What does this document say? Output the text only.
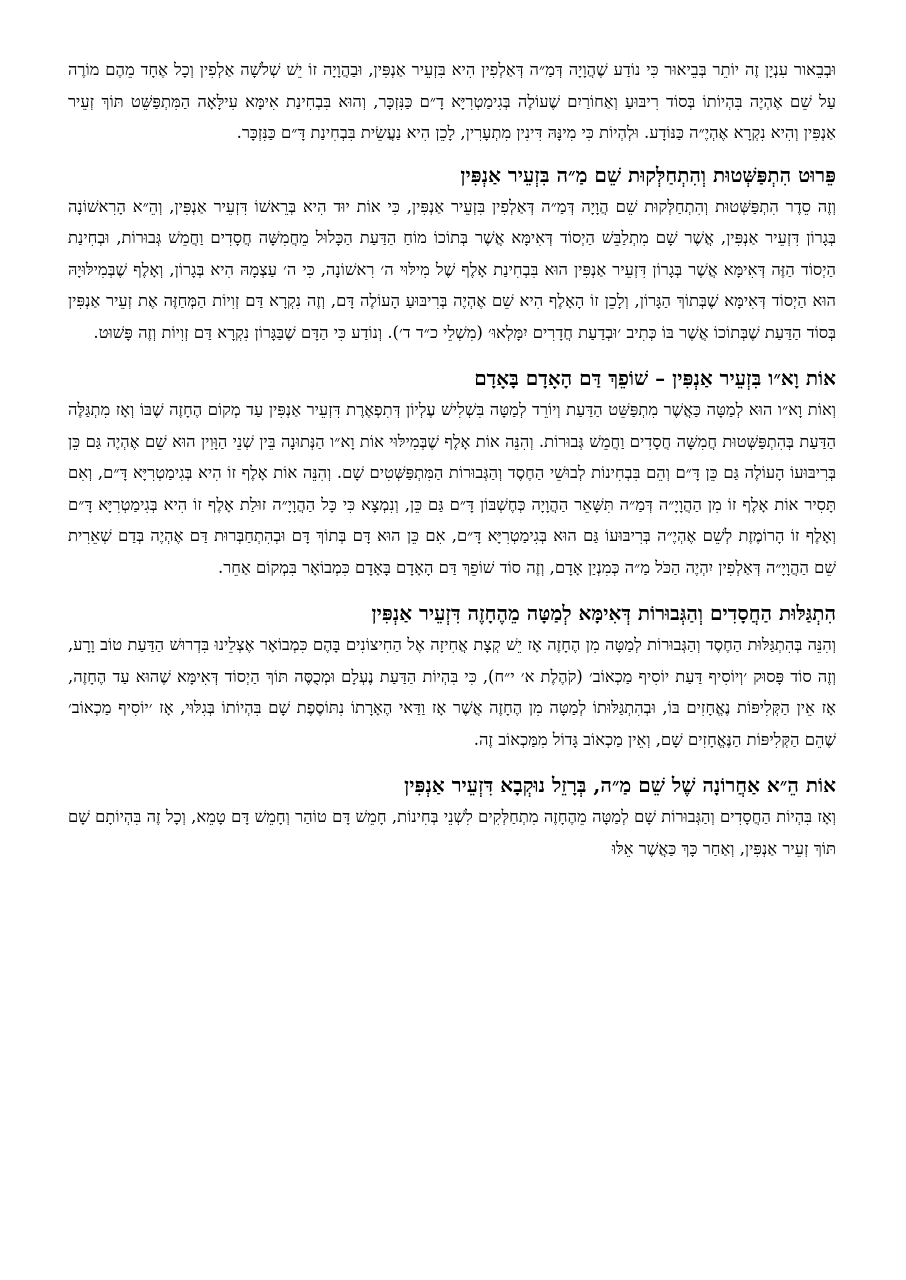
וּבְבֵאור עִנְיָן זֶה יוֹתֵר בְּבֵיאוּר כִּי נוֹדַע שֶׁהֲוָיָה דְּמַ״ה דְּאַלְפִין הִיא בִּזְעֵיר אַנְפִּין, וּבַהֲוָיָה זוֹ יֵשׁ שְׁלֹשָׁה אַלְפִין וְכָל אֶחָד מֵהֶם מוֹרֶה עַל שֵׁם אֶהְיֶה בִּהְיוֹתוֹ בְּסוֹד רִיבּוּעַ וְאַחוֹרַיִם שֶׁעוֹלֶה בְּגִימַטְרִיָּא דָ״ם כַּנִּזְכָּר, וְהוּא בִּבְחִינַת אִימָּא עִילָּאָה הַמִּתְפַּשֵּׁט תּוֹךְ זְעֵיר אַנְפִּין וְהִיא נִקְרָא אֶהְיֶ״ה כַּנּוֹדָע. וּלְהְיוֹת כִּי מִינָּהּ דִּינִין מִתְעָרִין, לָכֵן הִיא נַעֲשֵׂית בִּבְחִינַת דָּ״ם כַּנִּזְכָּר.

פֵּרוּט הִתְפַּשְּׁטוּת וְהִתְחַלְּקוּת שֵׁם מַ״ה בִּזְעֵיר אַנְפִּין

וְזֶה סֵדֶר הִתְפַּשְּׁטוּת וְהִתְחַלְּקוּת שֵׁם הֲוָיָה דְּמַ״ה דְּאַלְפִין בִּזְעֵיר אַנְפִּין, כִּי אוֹת יוּד הִיא בְּרֵאשׁוֹ דִּזְעֵיר אַנְפִּין, וְהֵ״א הָרִאשׁוֹנָה בְּגָרוֹן דִּזְעֵיר אַנְפִּין, אֲשֶׁר שָׁם מִתְלַבֵּשׁ הַיְסוֹד דְּאִימָּא אֲשֶׁר בְּתוֹכוֹ מוֹחַ הַדַּעַת הַכָּלוּל מֵחֲמִשָּׁה חֲסָדִים וַחֲמֵשׁ גְּבוּרוֹת, וּבְחִינַת הַיְסוֹד הַזֶּה דְּאִימָּא אֲשֶׁר בְּגָרוֹן דִּזְעֵיר אַנְפִּין הוּא בִּבְחִינַת אָלֶף שֶׁל מִילּוּי ה׳ רִאשׁוֹנָה, כִּי ה׳ עַצְמָהּ הִיא בְּגָרוֹן, וְאָלֶף שֶׁבְּמִילּוּיָהּ הוּא הַיְסוֹד דְּאִימָּא שֶׁבְּתוֹךְ הַגָּרוֹן, וְלָכֵן זוֹ הָאָלֶף הִיא שֵׁם אֶהְיֶה בְּרִיבּוּעַ הָעוֹלֶה דָּם, וְזֶה נִקְרָא דַּם זְוִיוֹת הַמְּחַזֶּה אֶת זְעֵיר אַנְפִּין בְּסוֹד הַדַּעַת שֶׁבְּתוֹכוֹ אֲשֶׁר בּוֹ כְּתִיב ׳וּבְדַעַת חֲדָרִים יִמָּלְאוּ׳ (מִשְׁלֵי כ״ד ד׳). וְנוֹדַע כִּי הַדָּם שֶׁבַּגָּרוֹן נִקְרָא דַּם זְוִיוֹת וְזֶה פָּשׁוּט.

אוֹת וָא״ו בִּזְעֵיר אַנְפִּין – שׁוֹפֵךְ דַּם הָאָדָם בָּאָדָם

וְאוֹת וָא״ו הוּא לְמַטָּה כַּאֲשֶׁר מִתְפַּשֵּׁט הַדַּעַת וְיוֹרֵד לְמַטָּה בִּשְׁלִישׁ עֶלְיוֹן דְּתִפְאֶרֶת דִּזְעֵיר אַנְפִּין עַד מְקוֹם הֶחָזֶה שֶׁבּוֹ וְאָז מִתְגַּלֶּה הַדַּעַת בְּהִתְפַּשְּׁטוּת חֲמִשָּׁה חֲסָדִים וַחֲמֵשׁ גְּבוּרוֹת. וְהִנֵּה אוֹת אָלֶף שֶׁבְּמִילּוּי אוֹת וָא״ו הַנְּתוּנָה בֵּין שְׁנֵי הַוָּוִין הוּא שֵׁם אֶהְיֶה גַּם כֵּן בְּרִיבּוּעוֹ הָעוֹלֶה גַּם כֵּן דָּ״ם וְהֵם בִּבְחִינוֹת לְבוּשֵׁי הַחֶסֶד וְהַגְּבוּרוֹת הַמִּתְפַּשְּׁטִים שָׁם. וְהִנֵּה אוֹת אָלֶף זוֹ הִיא בְּגִימַטְרִיָּא דָּ״ם, וְאִם תָּסִיר אוֹת אָלֶף זוֹ מִן הַהֲוָיָ״ה דְּמַ״ה תִּשָּׁאֵר הַהֲוָיָה כְּחֶשְׁבּוֹן דָּ״ם גַּם כֵּן, וְנִמְצָא כִּי כָּל הַהֲוָיָ״ה זוּלַת אָלֶף זוֹ הִיא בְּגִימַטְרִיָּא דָּ״ם וְאָלֶף זוֹ הָרוֹמֶזֶת לְשֵׁם אֶהְיֶ״ה בְּרִיבּוּעוֹ גַּם הוּא בְּגִימַטְרִיָּא דָּ״ם, אִם כֵּן הוּא דָּם בְּתוֹךְ דָּם וּבְהִתְחַבְּרוּת דַּם אֶהְיֶה בְּדַם שְׁאֵרִית שֵׁם הַהֲוָיָ״ה דְּאַלְפִין יִהְיֶה הַכֹּל מַ״ה כְּמִנְיַן אָדָם, וְזֶה סוֹד שׁוֹפֵךְ דַּם הָאָדָם בָּאָדָם כִּמְבוֹאָר בִּמְקוֹם אַחֵר.

הִתְגַּלּוּת הַחֲסָדִים וְהַגְּבוּרוֹת דְּאִימָּא לְמַטָּה מֵהֶחָזֶה דִּזְעֵיר אַנְפִּין

וְהִנֵּה בְּהִתְגַּלּוּת הַחֶסֶד וְהַגְּבוּרוֹת לְמַטָּה מִן הֶחָזֶה אָז יֵשׁ קְצָת אֲחִיזָה אֶל הַחִיצוֹנִים בָּהֶם כִּמְבוֹאָר אֶצְלֵינוּ בִּדְרוּשׁ הַדַּעַת טוֹב וָרָע, וְזֶה סוֹד פָּסוּק ׳וְיוֹסִיף דַּעַת יוֹסִיף מַכְאוֹב׳ (קֹהֶלֶת א׳ י״ח), כִּי בִּהְיוֹת הַדַּעַת נֶעְלָם וּמְכֻסֶּה תּוֹךְ הַיְסוֹד דְּאִימָּא שֶׁהוּא עַד הֶחָזֶה, אָז אֵין הַקְּלִיפּוֹת נֶאֱחָזִים בּוֹ, וּבְהִתְגַּלּוּתוֹ לְמַטָּה מִן הֶחָזֶה אֲשֶׁר אָז וַדַּאי הֶאָרָתוֹ נִתּוֹסֶפֶת שָׁם בִּהְיוֹתוֹ בְּגִלּוּי, אָז ׳יוֹסִיף מַכְאוֹב׳ שֶׁהֵם הַקְּלִיפּוֹת הַנֶּאֱחָזִים שָׁם, וְאֵין מַכְאוֹב גָּדוֹל מִמַּכְאוֹב זֶה.

אוֹת הֵ״א אַחֲרוֹנָה שֶׁל שֵׁם מַ״ה, בְּרָזֵל נוּקְבָא דִּזְעֵיר אַנְפִּין

וְאָז בִּהְיוֹת הַחֲסָדִים וְהַגְּבוּרוֹת שָׁם לְמַטָּה מֵהֶחָזֶה מִתְחַלְּקִים לִשְׁנֵי בְּחִינוֹת, חָמֵשׁ דָּם טוֹהַר וְחָמֵשׁ דָּם טָמֵא, וְכָל זֶה בִּהְיוֹתָם שָׁם תּוֹךְ זְעֵיר אַנְפִּין, וְאַחַר כָּךְ כַּאֲשֶׁר אֵלּוּ
